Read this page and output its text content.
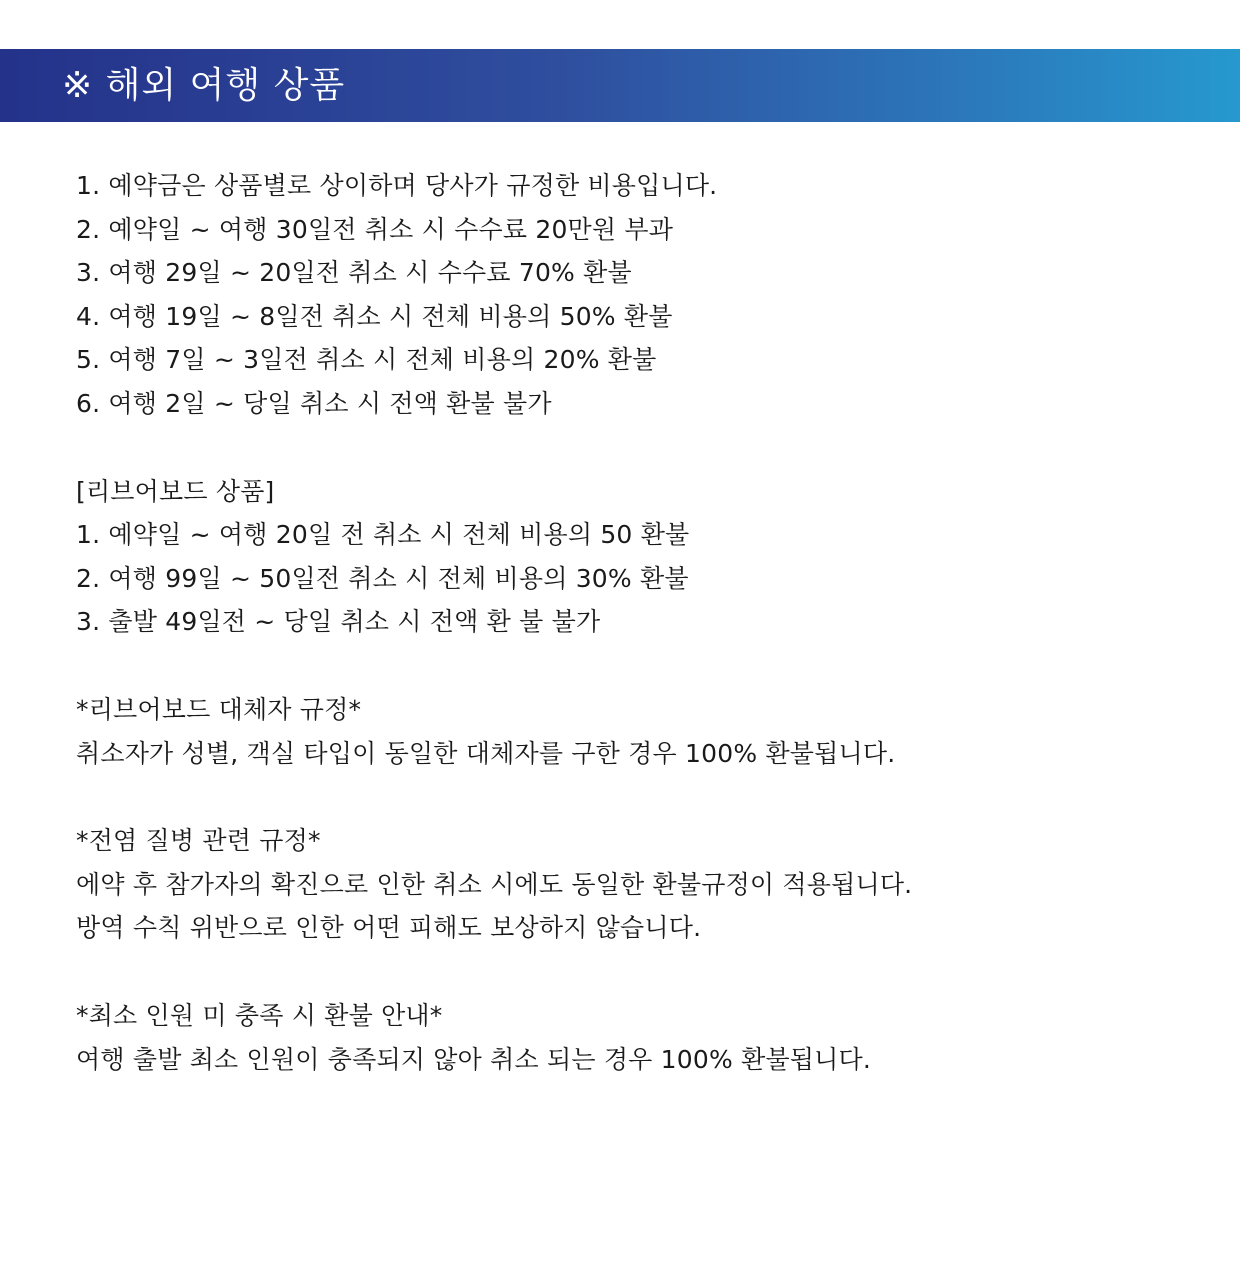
※ 해외 여행 상품
1. 예약금은 상품별로 상이하며 당사가 규정한 비용입니다.
2. 예약일 ~ 여행 30일전 취소 시 수수료 20만원 부과
3. 여행 29일 ~ 20일전 취소 시 수수료 70% 환불
4. 여행 19일 ~ 8일전 취소 시 전체 비용의 50% 환불
5. 여행 7일 ~ 3일전 취소 시 전체 비용의 20% 환불
6. 여행 2일 ~ 당일 취소 시 전액 환불 불가
[리브어보드 상품]
1. 예약일 ~ 여행 20일 전 취소 시 전체 비용의 50 환불
2. 여행 99일 ~ 50일전 취소 시 전체 비용의 30% 환불
3. 출발 49일전 ~ 당일 취소 시 전액 환 불 불가
*리브어보드 대체자 규정*
취소자가 성별, 객실 타입이 동일한 대체자를 구한 경우 100% 환불됩니다.
*전염 질병 관련 규정*
에약 후 참가자의 확진으로 인한 취소 시에도 동일한 환불규정이 적용됩니다.
방역 수칙 위반으로 인한 어떤 피해도 보상하지 않습니다.
*최소 인원 미 충족 시 환불 안내*
여행 출발 최소 인원이 충족되지 않아 취소 되는 경우 100% 환불됩니다.
